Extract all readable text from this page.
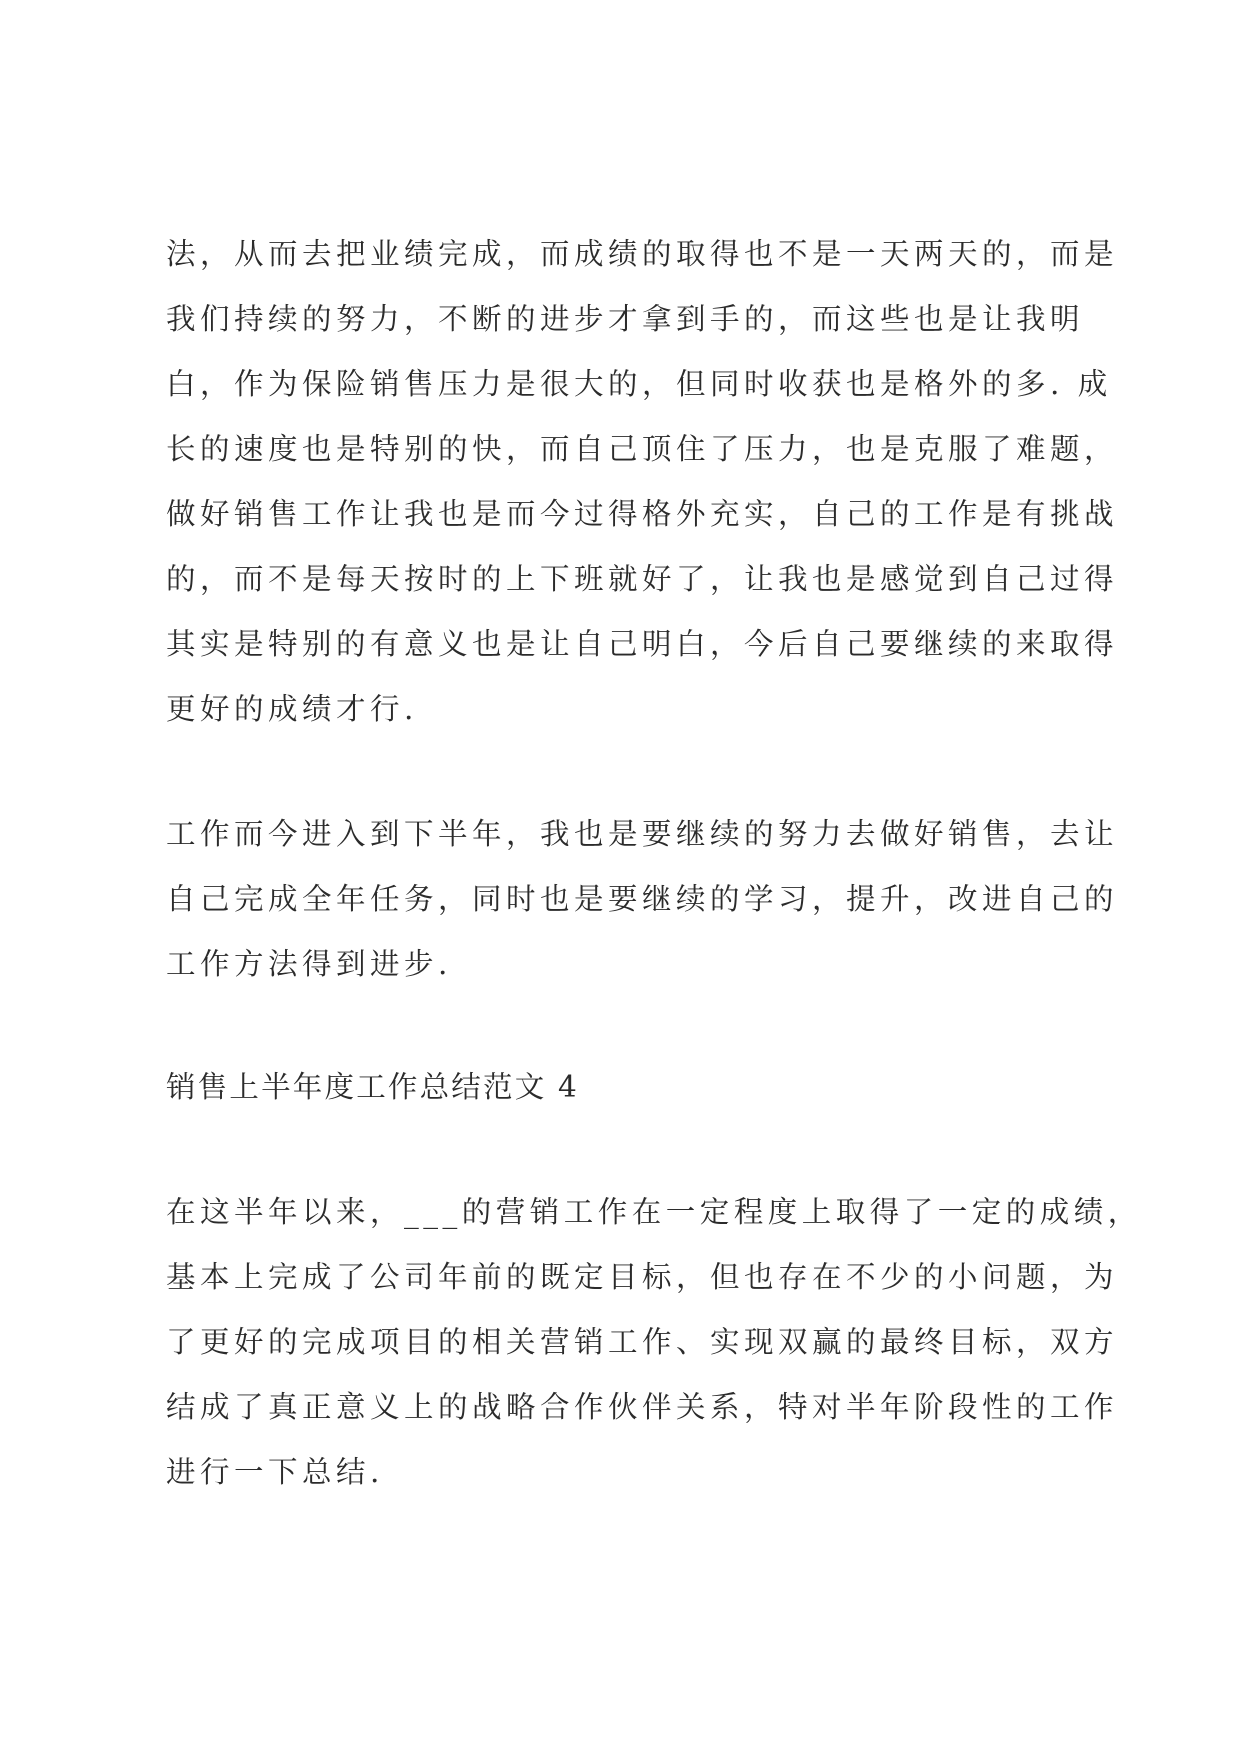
法，从而去把业绩完成，而成绩的取得也不是一天两天的，而是
我们持续的努力，不断的进步才拿到手的，而这些也是让我明
白，作为保险销售压力是很大的，但同时收获也是格外的多. 成
长的速度也是特别的快，而自己顶住了压力，也是克服了难题，
做好销售工作让我也是而今过得格外充实，自己的工作是有挑战
的，而不是每天按时的上下班就好了，让我也是感觉到自己过得
其实是特别的有意义也是让自己明白，今后自己要继续的来取得
更好的成绩才行.
工作而今进入到下半年，我也是要继续的努力去做好销售，去让
自己完成全年任务，同时也是要继续的学习，提升，改进自己的
工作方法得到进步.
销售上半年度工作总结范文 4
在这半年以来，___的营销工作在一定程度上取得了一定的成绩，
基本上完成了公司年前的既定目标，但也存在不少的小问题，为
了更好的完成项目的相关营销工作、实现双赢的最终目标，双方
结成了真正意义上的战略合作伙伴关系，特对半年阶段性的工作
进行一下总结.
